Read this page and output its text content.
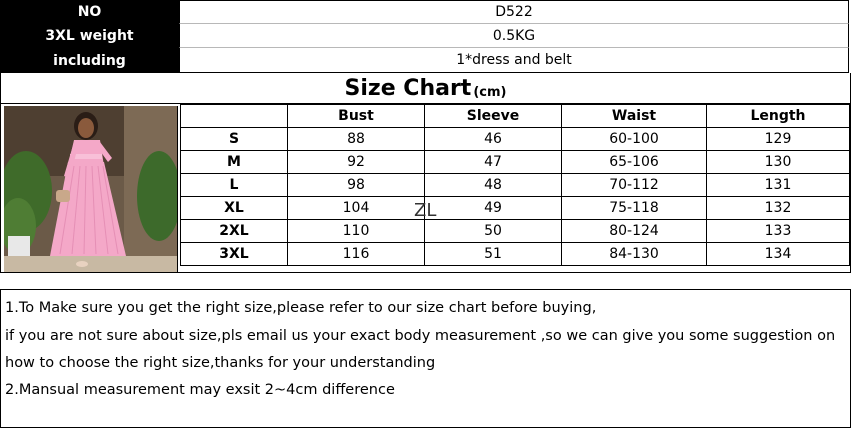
NO	D522
3XL weight	0.5KG
including	1*dress and belt
Size Chart (cm)
	Bust	Sleeve	Waist	Length
S	88	46	60-100	129
M	92	47	65-106	130
L	98	48	70-112	131
XL	104	49	75-118	132
2XL	110	50	80-124	133
3XL	116	51	84-130	134
ZL
1.To Make sure you get the right size,please refer to our size chart before buying,
if you are not sure about size,pls email us your exact body measurement ,so we can give you some suggestion on
how to choose the right size,thanks for your understanding
2.Mansual measurement may exsit 2~4cm difference
